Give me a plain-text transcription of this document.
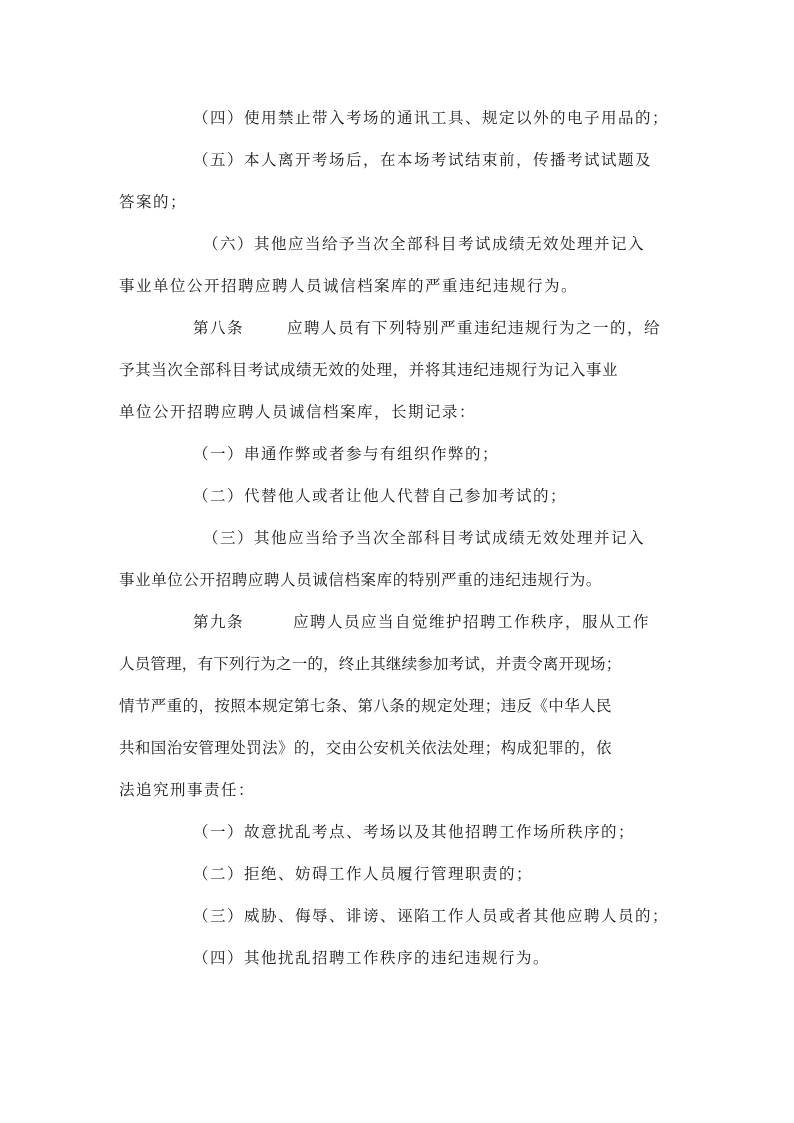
（四）使用禁止带入考场的通讯工具、规定以外的电子用品的；
（五）本人离开考场后，在本场考试结束前，传播考试试题及
答案的；
（六）其他应当给予当次全部科目考试成绩无效处理并记入
事业单位公开招聘应聘人员诚信档案库的严重违纪违规行为。
第八条	应聘人员有下列特别严重违纪违规行为之一的，给
予其当次全部科目考试成绩无效的处理，并将其违纪违规行为记入事业
单位公开招聘应聘人员诚信档案库，长期记录：
（一）串通作弊或者参与有组织作弊的；
（二）代替他人或者让他人代替自己参加考试的；
（三）其他应当给予当次全部科目考试成绩无效处理并记入
事业单位公开招聘应聘人员诚信档案库的特别严重的违纪违规行为。
第九条	应聘人员应当自觉维护招聘工作秩序，服从工作
人员管理，有下列行为之一的，终止其继续参加考试，并责令离开现场；
情节严重的，按照本规定第七条、第八条的规定处理；违反《中华人民
共和国治安管理处罚法》的，交由公安机关依法处理；构成犯罪的，依
法追究刑事责任：
（一）故意扰乱考点、考场以及其他招聘工作场所秩序的；
（二）拒绝、妨碍工作人员履行管理职责的；
（三）威胁、侮辱、诽谤、诬陷工作人员或者其他应聘人员的；
（四）其他扰乱招聘工作秩序的违纪违规行为。
